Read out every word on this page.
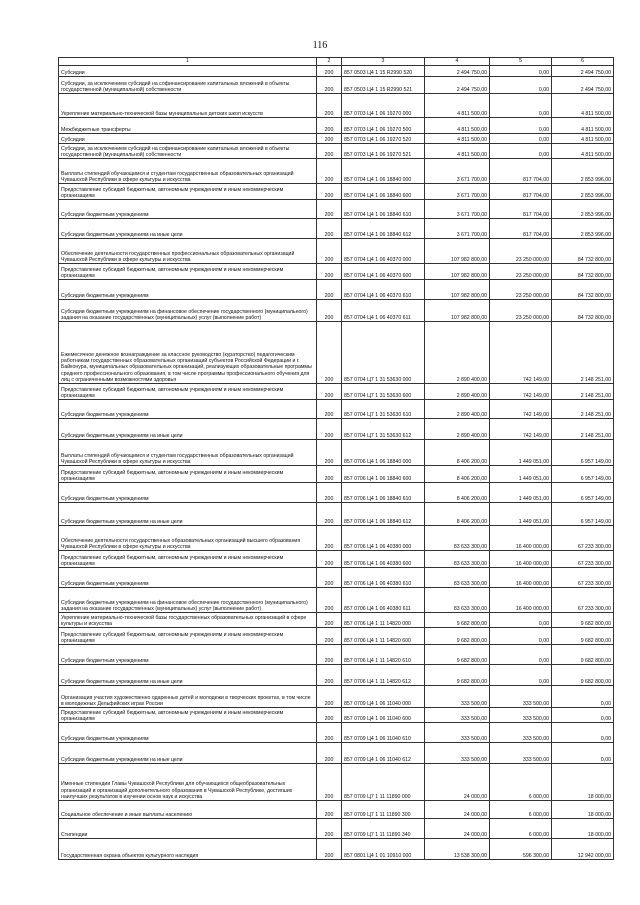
116
1	2	3	4	5	6
Субсидии	200	857 0503 Ц4 1 15 R2990 520	2 494 750,00	0,00	2 494 750,00
Субсидии, за исключением субсидий на софинансирование капитальных вложений в объекты государственной (муниципальной) собственности	200	857 0503 Ц4 1 15 R2990 521	2 494 750,00	0,00	2 494 750,00
Укрепление материально-технической базы муниципальных детских школ искусств	200	857 0703 Ц4 1 06 19270 000	4 811 500,00	0,00	4 811 500,00
Межбюджетные трансферты	200	857 0703 Ц4 1 06 19270 500	4 811 500,00	0,00	4 811 500,00
Субсидии	200	857 0703 Ц4 1 06 19270 520	4 811 500,00	0,00	4 811 500,00
Субсидии, за исключением субсидий на софинансирование капитальных вложений в объекты государственной (муниципальной) собственности	200	857 0703 Ц4 1 06 19270 521	4 811 500,00	0,00	4 811 500,00
Выплаты стипендий обучающимся и студентам государственных образовательных организаций Чувашской Республики в сфере культуры и искусства	200	857 0704 Ц4 1 06 18840 000	3 671 700,00	817 704,00	2 853 996,00
Предоставление субсидий бюджетным, автономным учреждениям и иным некоммерческим организациям	200	857 0704 Ц4 1 06 18840 600	3 671 700,00	817 704,00	2 853 996,00
Субсидии бюджетным учреждениям	200	857 0704 Ц4 1 06 18840 610	3 671 700,00	817 704,00	2 853 996,00
Субсидии бюджетным учреждениям на иные цели	200	857 0704 Ц4 1 06 18840 612	3 671 700,00	817 704,00	2 853 996,00
Обеспечение деятельности государственных профессиональных образовательных организаций Чувашской Республики в сфере культуры и искусства	200	857 0704 Ц4 1 06 40370 000	107 982 800,00	23 250 000,00	84 732 800,00
Предоставление субсидий бюджетным, автономным учреждениям и иным некоммерческим организациям	200	857 0704 Ц4 1 06 40370 600	107 982 800,00	23 250 000,00	84 732 800,00
Субсидии бюджетным учреждениям	200	857 0704 Ц4 1 06 40370 610	107 982 800,00	23 250 000,00	84 732 800,00
Субсидии бюджетным учреждениям на финансовое обеспечение государственного (муниципального) задания на оказание государственных (муниципальных) услуг (выполнение работ)	200	857 0704 Ц4 1 06 40370 611	107 982 800,00	23 250 000,00	84 732 800,00
Ежемесячное денежное вознаграждение за классное руководство (кураторство) педагогическим работникам государственных образовательных организаций субъектов Российской Федерации и г. Байконура, муниципальных образовательных организаций, реализующих образовательные программы среднего профессионального образования, в том числе программы профессионального обучения для лиц с ограниченными возможностями здоровья	200	857 0704 Ц7 1 31 53630 000	2 890 400,00	742 149,00	2 148 251,00
Предоставление субсидий бюджетным, автономным учреждениям и иным некоммерческим организациям	200	857 0704 Ц7 1 31 53630 600	2 890 400,00	742 149,00	2 148 251,00
Субсидии бюджетным учреждениям	200	857 0704 Ц7 1 31 53630 610	2 890 400,00	742 149,00	2 148 251,00
Субсидии бюджетным учреждениям на иные цели	200	857 0704 Ц7 1 31 53630 612	2 890 400,00	742 149,00	2 148 251,00
Выплаты стипендий обучающимся и студентам государственных образовательных организаций Чувашской Республики в сфере культуры и искусства	200	857 0706 Ц4 1 06 18840 000	8 406 200,00	1 449 051,00	6 957 149,00
Предоставление субсидий бюджетным, автономным учреждениям и иным некоммерческим организациям	200	857 0706 Ц4 1 06 18840 600	8 406 200,00	1 449 051,00	6 957 149,00
Субсидии бюджетным учреждениям	200	857 0706 Ц4 1 06 18840 610	8 406 200,00	1 449 051,00	6 957 149,00
Субсидии бюджетным учреждениям на иные цели	200	857 0706 Ц4 1 06 18840 612	8 406 200,00	1 449 051,00	6 957 149,00
Обеспечение деятельности государственных образовательных организаций высшего образования Чувашской Республики в сфере культуры и искусства	200	857 0706 Ц4 1 06 40380 000	83 633 300,00	16 400 000,00	67 233 300,00
Предоставление субсидий бюджетным, автономным учреждениям и иным некоммерческим организациям	200	857 0706 Ц4 1 06 40380 600	83 633 300,00	16 400 000,00	67 233 300,00
Субсидии бюджетным учреждениям	200	857 0706 Ц4 1 06 40380 610	83 633 300,00	16 400 000,00	67 233 300,00
Субсидии бюджетным учреждениям на финансовое обеспечение государственного (муниципального) задания на оказание государственных (муниципальных) услуг (выполнение работ)	200	857 0706 Ц4 1 06 40380 611	83 633 300,00	16 400 000,00	67 233 300,00
Укрепление материально-технической базы государственных образовательных организаций в сфере культуры и искусства	200	857 0706 Ц4 1 11 14820 000	9 682 800,00	0,00	9 682 800,00
Предоставление субсидий бюджетным, автономным учреждениям и иным некоммерческим организациям	200	857 0706 Ц4 1 11 14820 600	9 682 800,00	0,00	9 682 800,00
Субсидии бюджетным учреждениям	200	857 0706 Ц4 1 11 14820 610	9 682 800,00	0,00	9 682 800,00
Субсидии бюджетным учреждениям на иные цели	200	857 0706 Ц4 1 11 14820 612	9 682 800,00	0,00	9 682 800,00
Организация участия художественно одаренных детей и молодежи в творческих проектах, в том числе в молодежных Дельфийских играх России	200	857 0709 Ц4 1 06 11040 000	333 500,00	333 500,00	0,00
Предоставление субсидий бюджетным, автономным учреждениям и иным некоммерческим организациям	200	857 0709 Ц4 1 06 11040 600	333 500,00	333 500,00	0,00
Субсидии бюджетным учреждениям	200	857 0709 Ц4 1 06 11040 610	333 500,00	333 500,00	0,00
Субсидии бюджетным учреждениям на иные цели	200	857 0709 Ц4 1 06 11040 612	333 500,00	333 500,00	0,00
Именные стипендии Главы Чувашской Республики для обучающихся общеобразовательных организаций и организаций дополнительного образования в Чувашской Республике, достигших наилучших результатов в изучении основ наук и искусства	200	857 0709 Ц7 1 11 11890 000	24 000,00	6 000,00	18 000,00
Социальное обеспечение и иные выплаты населению	200	857 0709 Ц7 1 11 11890 300	24 000,00	6 000,00	18 000,00
Стипендии	200	857 0709 Ц7 1 11 11890 340	24 000,00	6 000,00	18 000,00
Государственная охрана объектов культурного наследия	200	857 0801 Ц4 1 01 10910 000	13 538 300,00	596 300,00	12 942 000,00
